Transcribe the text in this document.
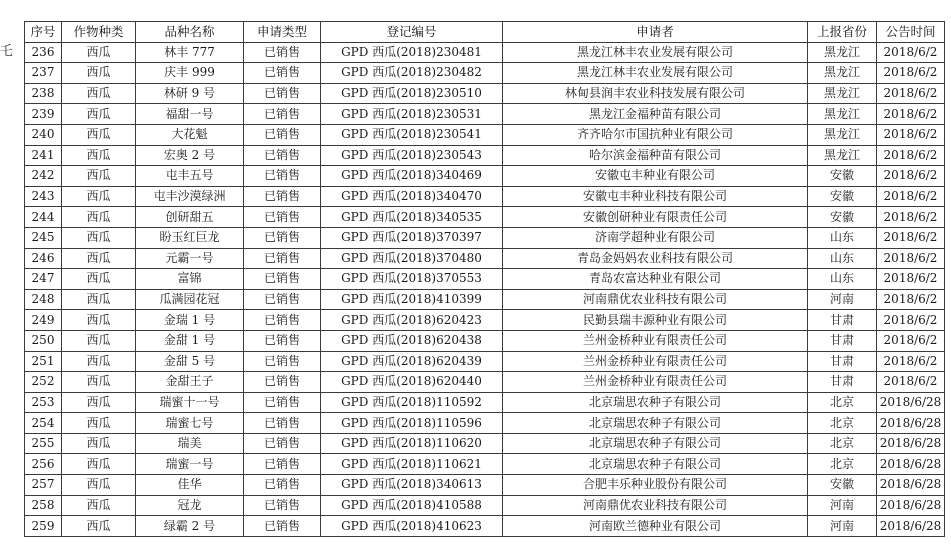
乇
序号	作物种类	品种名称	申请类型	登记编号	申请者	上报省份	公告时间
236	西瓜	林丰 777	已销售	GPD 西瓜(2018)230481	黑龙江林丰农业发展有限公司	黑龙江	2018/6/2
237	西瓜	庆丰 999	已销售	GPD 西瓜(2018)230482	黑龙江林丰农业发展有限公司	黑龙江	2018/6/2
238	西瓜	林研 9 号	已销售	GPD 西瓜(2018)230510	林甸县润丰农业科技发展有限公司	黑龙江	2018/6/2
239	西瓜	福甜一号	已销售	GPD 西瓜(2018)230531	黑龙江金福种苗有限公司	黑龙江	2018/6/2
240	西瓜	大花魁	已销售	GPD 西瓜(2018)230541	齐齐哈尔市国抗种业有限公司	黑龙江	2018/6/2
241	西瓜	宏奥 2 号	已销售	GPD 西瓜(2018)230543	哈尔滨金福种苗有限公司	黑龙江	2018/6/2
242	西瓜	屯丰五号	已销售	GPD 西瓜(2018)340469	安徽屯丰种业有限公司	安徽	2018/6/2
243	西瓜	屯丰沙漠绿洲	已销售	GPD 西瓜(2018)340470	安徽屯丰种业科技有限公司	安徽	2018/6/2
244	西瓜	创研甜五	已销售	GPD 西瓜(2018)340535	安徽创研种业有限责任公司	安徽	2018/6/2
245	西瓜	盼玉红巨龙	已销售	GPD 西瓜(2018)370397	济南学超种业有限公司	山东	2018/6/2
246	西瓜	元霸一号	已销售	GPD 西瓜(2018)370480	青岛金妈妈农业科技有限公司	山东	2018/6/2
247	西瓜	富锦	已销售	GPD 西瓜(2018)370553	青岛农富达种业有限公司	山东	2018/6/2
248	西瓜	瓜满园花冠	已销售	GPD 西瓜(2018)410399	河南鼎优农业科技有限公司	河南	2018/6/2
249	西瓜	金瑞 1 号	已销售	GPD 西瓜(2018)620423	民勤县瑞丰源种业有限公司	甘肃	2018/6/2
250	西瓜	金甜 1 号	已销售	GPD 西瓜(2018)620438	兰州金桥种业有限责任公司	甘肃	2018/6/2
251	西瓜	金甜 5 号	已销售	GPD 西瓜(2018)620439	兰州金桥种业有限责任公司	甘肃	2018/6/2
252	西瓜	金甜王子	已销售	GPD 西瓜(2018)620440	兰州金桥种业有限责任公司	甘肃	2018/6/2
253	西瓜	瑞蜜十一号	已销售	GPD 西瓜(2018)110592	北京瑞思农种子有限公司	北京	2018/6/28
254	西瓜	瑞蜜七号	已销售	GPD 西瓜(2018)110596	北京瑞思农种子有限公司	北京	2018/6/28
255	西瓜	瑞美	已销售	GPD 西瓜(2018)110620	北京瑞思农种子有限公司	北京	2018/6/28
256	西瓜	瑞蜜一号	已销售	GPD 西瓜(2018)110621	北京瑞思农种子有限公司	北京	2018/6/28
257	西瓜	佳华	已销售	GPD 西瓜(2018)340613	合肥丰乐种业股份有限公司	安徽	2018/6/28
258	西瓜	冠龙	已销售	GPD 西瓜(2018)410588	河南鼎优农业科技有限公司	河南	2018/6/28
259	西瓜	绿霸 2 号	已销售	GPD 西瓜(2018)410623	河南欧兰德种业有限公司	河南	2018/6/28
